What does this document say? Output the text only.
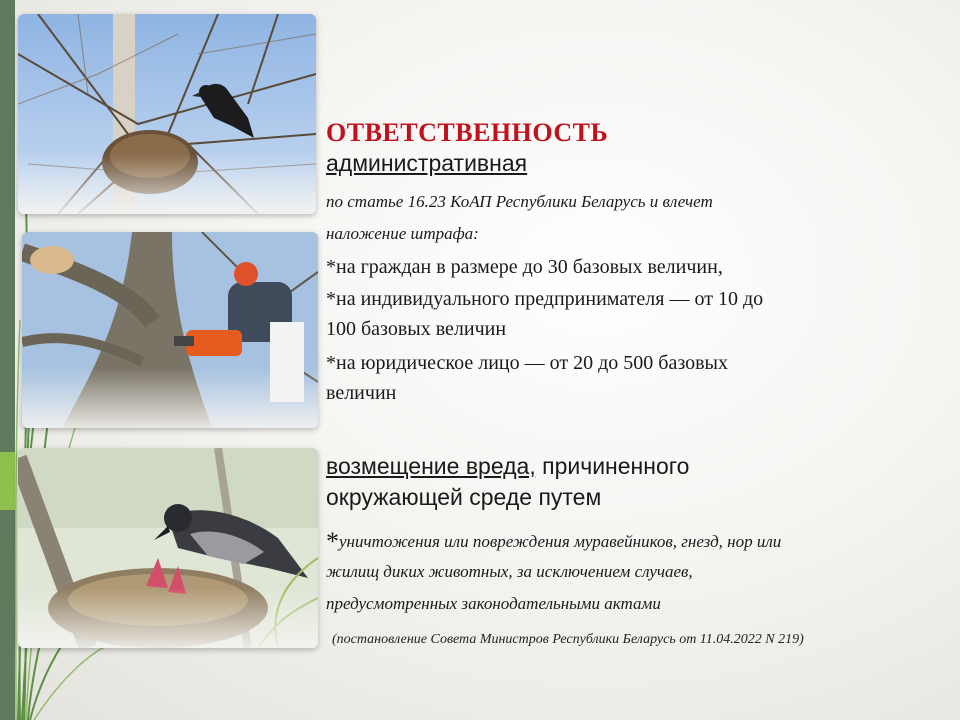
ОТВЕТСТВЕННОСТЬ
административная
по статье 16.23 КоАП Республики Беларусь и влечет
наложение штрафа:
*на граждан в размере до 30 базовых величин,
*на индивидуального предпринимателя — от 10 до
100 базовых величин
*на юридическое лицо — от 20 до 500 базовых
величин
возмещение вреда, причиненного
окружающей среде путем
*уничтожения или повреждения муравейников, гнезд, нор или
жилищ диких животных, за исключением случаев,
предусмотренных законодательными актами
(постановление Совета Министров Республики Беларусь от 11.04.2022 N 219)
